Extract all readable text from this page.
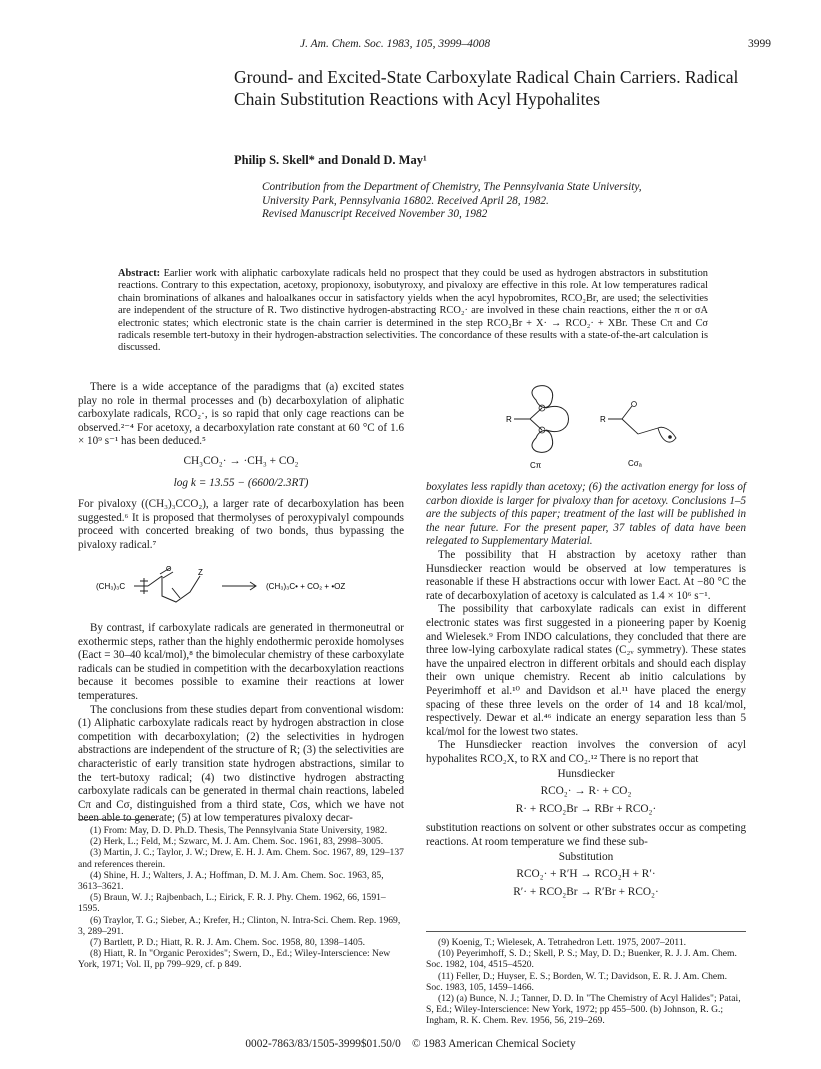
J. Am. Chem. Soc. 1983, 105, 3999–4008	3999
Ground- and Excited-State Carboxylate Radical Chain Carriers. Radical Chain Substitution Reactions with Acyl Hypohalites
Philip S. Skell* and Donald D. May¹
Contribution from the Department of Chemistry, The Pennsylvania State University,
University Park, Pennsylvania 16802. Received April 28, 1982.
Revised Manuscript Received November 30, 1982
Abstract: Earlier work with aliphatic carboxylate radicals held no prospect that they could be used as hydrogen abstractors in substitution reactions. Contrary to this expectation, acetoxy, propionoxy, isobutyroxy, and pivaloxy are effective in this role. At low temperatures radical chain brominations of alkanes and haloalkanes occur in satisfactory yields when the acyl hypobromites, RCO₂Br, are used; the selectivities are independent of the structure of R. Two distinctive hydrogen-abstracting RCO₂· are involved in these chain reactions, either the π or σA electronic states; which electronic state is the chain carrier is determined in the step RCO₂Br + X· → RCO₂· + XBr. These Cπ and Cσ radicals resemble tert-butoxy in their hydrogen-abstraction selectivities. The concordance of these results with a state-of-the-art calculation is discussed.

There is a wide acceptance of the paradigms that (a) excited states play no role in thermal processes and (b) decarboxylation of aliphatic carboxylate radicals, RCO₂·, is so rapid that only cage reactions can be observed.²⁻⁴ For acetoxy, a decarboxylation rate constant at 60 °C of 1.6 × 10⁹ s⁻¹ has been deduced.⁵

CH₃CO₂· → ·CH₃ + CO₂
log k = 13.55 − (6600/2.3RT)

For pivaloxy ((CH₃)₃CCO₂), a larger rate of decarboxylation has been suggested.⁶ It is proposed that thermolyses of peroxypivalyl compounds proceed with concerted breaking of two bonds, thus bypassing the pivaloxy radical.⁷

(CH₃)₃C
O	Z
(CH₃)₃C• + CO₂ + •OZ

By contrast, if carboxylate radicals are generated in thermoneutral or exothermic steps, rather than the highly endothermic peroxide homolyses (Eact = 30–40 kcal/mol),⁸ the bimolecular chemistry of these carboxylate radicals can be studied in competition with the decarboxylation reactions because it becomes possible to examine their reactions at lower temperatures.

The conclusions from these studies depart from conventional wisdom: (1) Aliphatic carboxylate radicals react by hydrogen abstraction in close competition with decarboxylation; (2) the selectivities in hydrogen abstractions are independent of the structure of R; (3) the selectivities are characteristic of early transition state hydrogen abstractions, similar to the tert-butoxy radical; (4) two distinctive hydrogen abstracting carboxylate radicals can be generated in thermal chain reactions, labeled Cπ and Cσ, distinguished from a third state, Cσs, which we have not been able to generate; (5) at low temperatures pivaloxy decar-

R
Cπ
R
Cσₐ

boxylates less rapidly than acetoxy; (6) the activation energy for loss of carbon dioxide is larger for pivaloxy than for acetoxy. Conclusions 1–5 are the subjects of this paper; treatment of the last will be published in the near future. For the present paper, 37 tables of data have been relegated to Supplementary Material.

The possibility that H abstraction by acetoxy rather than Hunsdiecker reaction would be observed at low temperatures is reasonable if these H abstractions occur with lower Eact. At −80 °C the rate of decarboxylation of acetoxy is calculated as 1.4 × 10⁶ s⁻¹.

The possibility that carboxylate radicals can exist in different electronic states was first suggested in a pioneering paper by Koenig and Wielesek.⁹ From INDO calculations, they concluded that there are three low-lying carboxylate radical states (C₂ᵥ symmetry). These states have the unpaired electron in different orbitals and should each display their own unique chemistry. Recent ab initio calculations by Peyerimhoff et al.¹⁰ and Davidson et al.¹¹ have placed the energy spacing of these three levels on the order of 14 and 18 kcal/mol, respectively. Dewar et al.⁴⁶ indicate an energy separation less than 5 kcal/mol for the lowest two states.

The Hunsdiecker reaction involves the conversion of acyl hypohalites RCO₂X, to RX and CO₂.¹² There is no report that

Hunsdiecker
RCO₂· → R· + CO₂
R· + RCO₂Br → RBr + RCO₂·

substitution reactions on solvent or other substrates occur as competing reactions. At room temperature we find these sub-

Substitution
RCO₂· + R′H → RCO₂H + R′·
R′· + RCO₂Br → R′Br + RCO₂·
(1) From: May, D. D. Ph.D. Thesis, The Pennsylvania State University, 1982.
(2) Herk, L.; Feld, M.; Szwarc, M. J. Am. Chem. Soc. 1961, 83, 2998–3005.
(3) Martin, J. C.; Taylor, J. W.; Drew, E. H. J. Am. Chem. Soc. 1967, 89, 129–137 and references therein.
(4) Shine, H. J.; Walters, J. A.; Hoffman, D. M. J. Am. Chem. Soc. 1963, 85, 3613–3621.
(5) Braun, W. J.; Rajbenbach, L.; Eirick, F. R. J. Phy. Chem. 1962, 66, 1591–1595.
(6) Traylor, T. G.; Sieber, A.; Krefer, H.; Clinton, N. Intra-Sci. Chem. Rep. 1969, 3, 289–291.
(7) Bartlett, P. D.; Hiatt, R. R. J. Am. Chem. Soc. 1958, 80, 1398–1405.
(8) Hiatt, R. In "Organic Peroxides"; Swern, D., Ed.; Wiley-Interscience: New York, 1971; Vol. II, pp 799–929, cf. p 849.
(9) Koenig, T.; Wielesek, A. Tetrahedron Lett. 1975, 2007–2011.
(10) Peyerimhoff, S. D.; Skell, P. S.; May, D. D.; Buenker, R. J. J. Am. Chem. Soc. 1982, 104, 4515–4520.
(11) Feller, D.; Huyser, E. S.; Borden, W. T.; Davidson, E. R. J. Am. Chem. Soc. 1983, 105, 1459–1466.
(12) (a) Bunce, N. J.; Tanner, D. D. In "The Chemistry of Acyl Halides"; Patai, S, Ed.; Wiley-Interscience: New York, 1972; pp 455–500. (b) Johnson, R. G.; Ingham, R. K. Chem. Rev. 1956, 56, 219–269.
0002-7863/83/1505-3999$01.50/0 © 1983 American Chemical Society
